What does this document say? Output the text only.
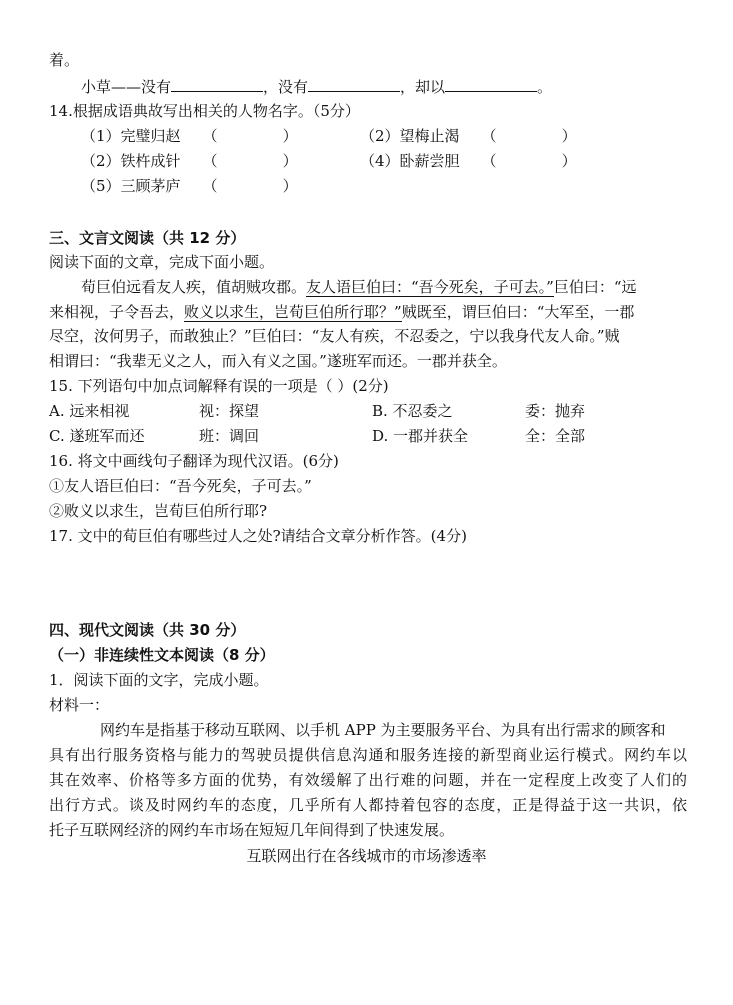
着。
小草——没有	，没有	，却以	。
14.根据成语典故写出相关的人物名字。（5分）
（1）完璧归赵 （	）	（2）望梅止渴 （	）
（2）铁杵成针 （	）	（4）卧薪尝胆 （	）
（5）三顾茅庐 （	）
三、文言文阅读（共 12 分）
阅读下面的文章，完成下面小题。
荀巨伯远看友人疾，值胡贼攻郡。友人语巨伯曰：“吾今死矣，子可去。”巨伯曰：“远
来相视，子令吾去，败义以求生，岂荀巨伯所行耶？”贼既至，谓巨伯曰：“大军至，一郡
尽空，汝何男子，而敢独止？”巨伯曰：“友人有疾，不忍委之，宁以我身代友人命。”贼
相谓曰：“我辈无义之人，而入有义之国。”遂班军而还。一郡并获全。
15. 下列语句中加点词解释有误的一项是（ ）(2分)
A. 远来相视	视：探望	B. 不忍委之	委：抛弃
C. 遂班军而还	班：调回	D. 一郡并获全	全：全部
16. 将文中画线句子翻译为现代汉语。(6分)
①友人语巨伯曰：“吾今死矣，子可去。”
②败义以求生，岂荀巨伯所行耶?
17. 文中的荀巨伯有哪些过人之处?请结合文章分析作答。(4分)
四、现代文阅读（共 30 分）
（一）非连续性文本阅读（8 分）
1．阅读下面的文字，完成小题。
材料一：
网约车是指基于移动互联网、以手机 APP 为主要服务平台、为具有出行需求的顾客和
具有出行服务资格与能力的驾驶员提供信息沟通和服务连接的新型商业运行模式。网约车以
其在效率、价格等多方面的优势，有效缓解了出行难的问题，并在一定程度上改变了人们的
出行方式。谈及时网约车的态度，几乎所有人都持着包容的态度，正是得益于这一共识，依
托子互联网经济的网约车市场在短短几年间得到了快速发展。
互联网出行在各线城市的市场渗透率
